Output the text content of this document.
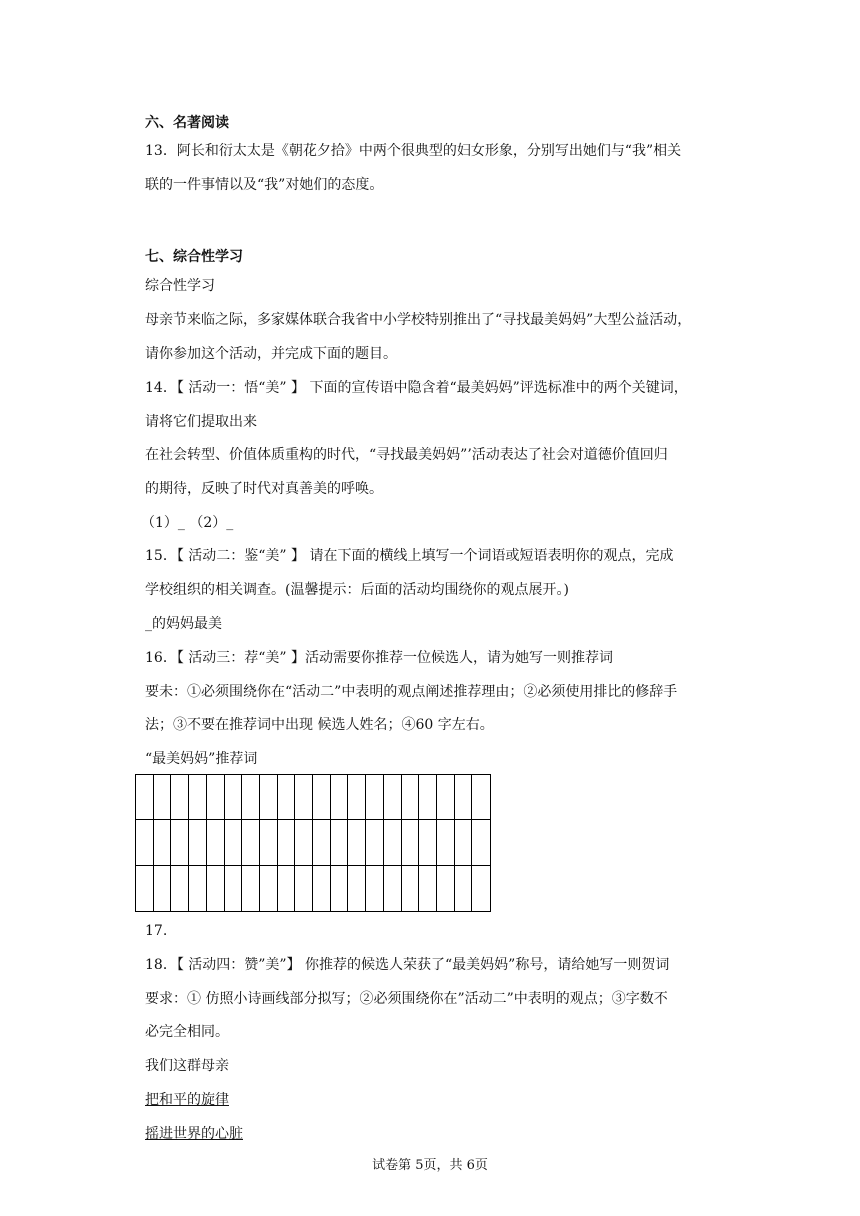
六、名著阅读
13．阿长和衍太太是《朝花夕拾》中两个很典型的妇女形象，分别写出她们与“我”相关
联的一件事情以及“我”对她们的态度。
七、综合性学习
综合性学习
母亲节来临之际，多家媒体联合我省中小学校特别推出了“寻找最美妈妈”大型公益活动，
请你参加这个活动，并完成下面的题目。
14．【 活动一：悟“美” 】 下面的宣传语中隐含着“最美妈妈”评选标准中的两个关键词，
请将它们提取出来
在社会转型、价值体质重构的时代，“寻找最美妈妈”’活动表达了社会对道德价值回归
的期待，反映了时代对真善美的呼唤。
（1）_ （2）_
15．【 活动二：鉴“美” 】 请在下面的横线上填写一个词语或短语表明你的观点，完成
学校组织的相关调查。(温馨提示：后面的活动均围绕你的观点展开。)
_的妈妈最美
16．【 活动三：荐“美” 】活动需要你推荐一位候选人，请为她写一则推荐词
要未：①必须围绕你在“活动二”中表明的观点阐述推荐理由；②必须使用排比的修辞手
法；③不要在推荐词中出现 候选人姓名；④60 字左右。
“最美妈妈”推荐词
17.
18．【 活动四：赞”美”】 你推荐的候选人荣获了“最美妈妈”称号，请给她写一则贺词
要求：① 仿照小诗画线部分拟写；②必须围绕你在”活动二”中表明的观点；③字数不
必完全相同。
我们这群母亲
把和平的旋律
摇进世界的心脏
试卷第 5页，共 6页
